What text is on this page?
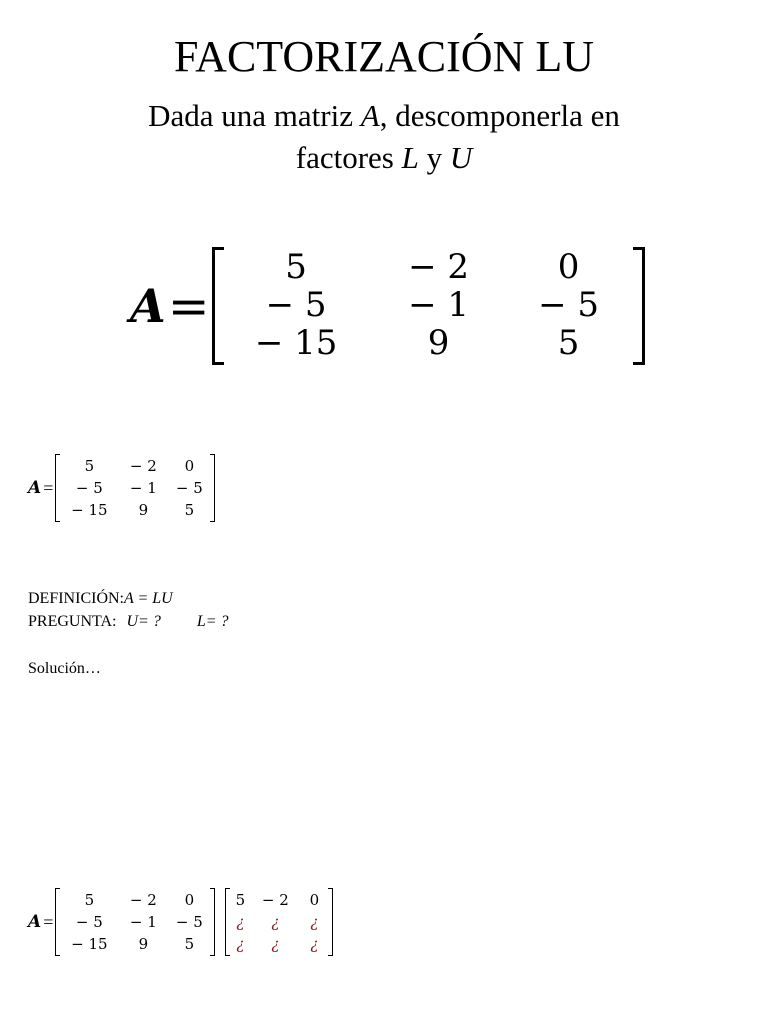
FACTORIZACIÓN LU
Dada una matriz A, descomponerla en
factores L y U
A =
5	− 2	0
− 5	− 1	− 5
− 15	9	5
A =
5	− 2	0
− 5	− 1	− 5
− 15	9	5
DEFINICIÓN:A = LU
PREGUNTA: U= ? L= ?
Solución…
A =
5	− 2	0
− 5	− 1	− 5
− 15	9	5
5	− 2	0
¿	¿	¿
¿	¿	¿
